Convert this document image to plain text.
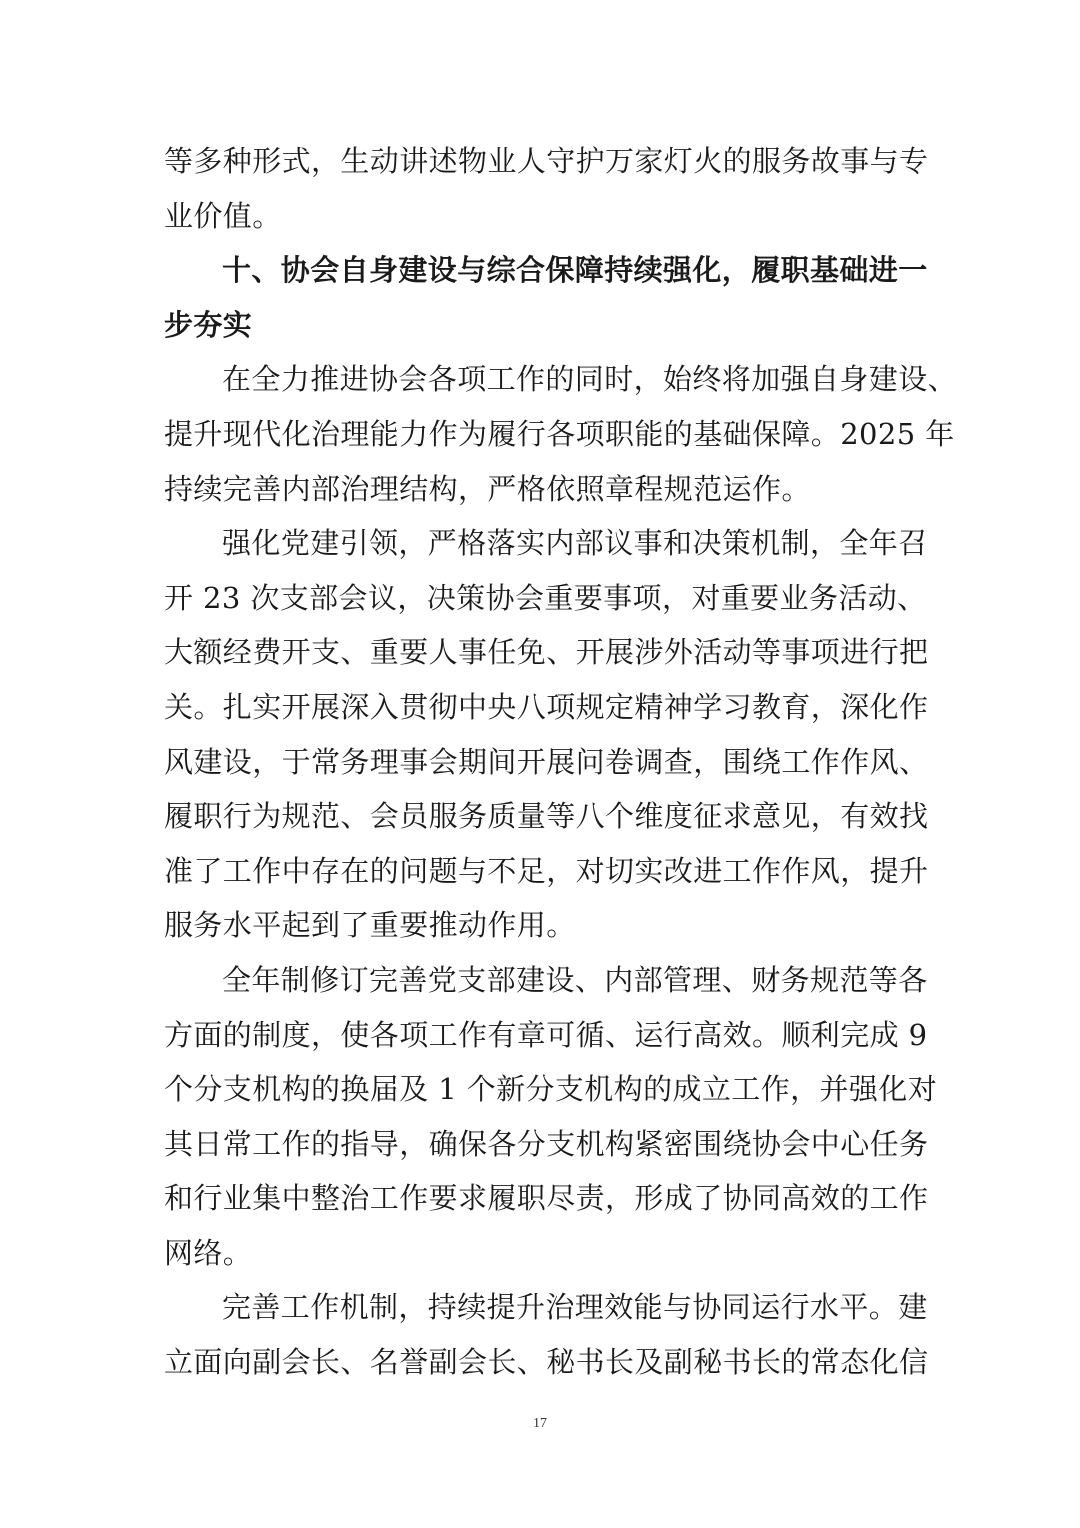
等多种形式，生动讲述物业人守护万家灯火的服务故事与专
业价值。
十、协会自身建设与综合保障持续强化，履职基础进一
步夯实
在全力推进协会各项工作的同时，始终将加强自身建设、
提升现代化治理能力作为履行各项职能的基础保障。2025 年
持续完善内部治理结构，严格依照章程规范运作。
强化党建引领，严格落实内部议事和决策机制，全年召
开 23 次支部会议，决策协会重要事项，对重要业务活动、
大额经费开支、重要人事任免、开展涉外活动等事项进行把
关。扎实开展深入贯彻中央八项规定精神学习教育，深化作
风建设，于常务理事会期间开展问卷调查，围绕工作作风、
履职行为规范、会员服务质量等八个维度征求意见，有效找
准了工作中存在的问题与不足，对切实改进工作作风，提升
服务水平起到了重要推动作用。
全年制修订完善党支部建设、内部管理、财务规范等各
方面的制度，使各项工作有章可循、运行高效。顺利完成 9
个分支机构的换届及 1 个新分支机构的成立工作，并强化对
其日常工作的指导，确保各分支机构紧密围绕协会中心任务
和行业集中整治工作要求履职尽责，形成了协同高效的工作
网络。
完善工作机制，持续提升治理效能与协同运行水平。建
立面向副会长、名誉副会长、秘书长及副秘书长的常态化信
17
